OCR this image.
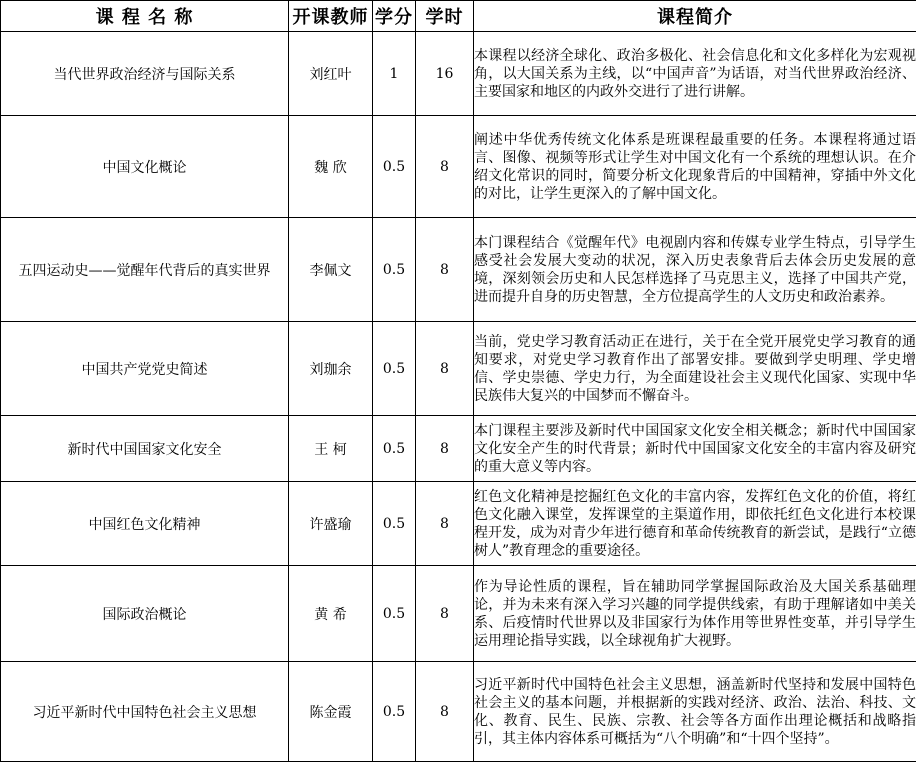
课 程 名 称	开课教师	学分	学时	课程简介
当代世界政治经济与国际关系	刘红叶	1	16	本课程以经济全球化、政治多极化、社会信息化和文化多样化为宏观视角，以大国关系为主线，以“中国声音”为话语，对当代世界政治经济、主要国家和地区的内政外交进行了进行讲解。

中国文化概论	魏 欣	0.5	8	阐述中华优秀传统文化体系是班课程最重要的任务。本课程将通过语言、图像、视频等形式让学生对中国文化有一个系统的理想认识。在介绍文化常识的同时，简要分析文化现象背后的中国精神，穿插中外文化的对比，让学生更深入的了解中国文化。

五四运动史——觉醒年代背后的真实世界	李佩文	0.5	8	本门课程结合《觉醒年代》电视剧内容和传媒专业学生特点，引导学生感受社会发展大变动的状况，深入历史表象背后去体会历史发展的意境，深刻领会历史和人民怎样选择了马克思主义，选择了中国共产党，进而提升自身的历史智慧，全方位提高学生的人文历史和政治素养。

中国共产党党史简述	刘珈余	0.5	8	当前，党史学习教育活动正在进行，关于在全党开展党史学习教育的通知要求，对党史学习教育作出了部署安排。要做到学史明理、学史增信、学史崇德、学史力行，为全面建设社会主义现代化国家、实现中华民族伟大复兴的中国梦而不懈奋斗。

新时代中国国家文化安全	王 柯	0.5	8	本门课程主要涉及新时代中国国家文化安全相关概念；新时代中国国家文化安全产生的时代背景；新时代中国国家文化安全的丰富内容及研究的重大意义等内容。

中国红色文化精神	许盛瑜	0.5	8	红色文化精神是挖掘红色文化的丰富内容，发挥红色文化的价值，将红色文化融入课堂，发挥课堂的主渠道作用，即依托红色文化进行本校课程开发，成为对青少年进行德育和革命传统教育的新尝试，是践行“立德树人”教育理念的重要途径。

国际政治概论	黄 希	0.5	8	作为导论性质的课程，旨在辅助同学掌握国际政治及大国关系基础理论，并为未来有深入学习兴趣的同学提供线索，有助于理解诸如中美关系、后疫情时代世界以及非国家行为体作用等世界性变革，并引导学生运用理论指导实践，以全球视角扩大视野。

习近平新时代中国特色社会主义思想	陈金霞	0.5	8	习近平新时代中国特色社会主义思想，涵盖新时代坚持和发展中国特色社会主义的基本问题，并根据新的实践对经济、政治、法治、科技、文化、教育、民生、民族、宗教、社会等各方面作出理论概括和战略指引，其主体内容体系可概括为“八个明确”和“十四个坚持”。
